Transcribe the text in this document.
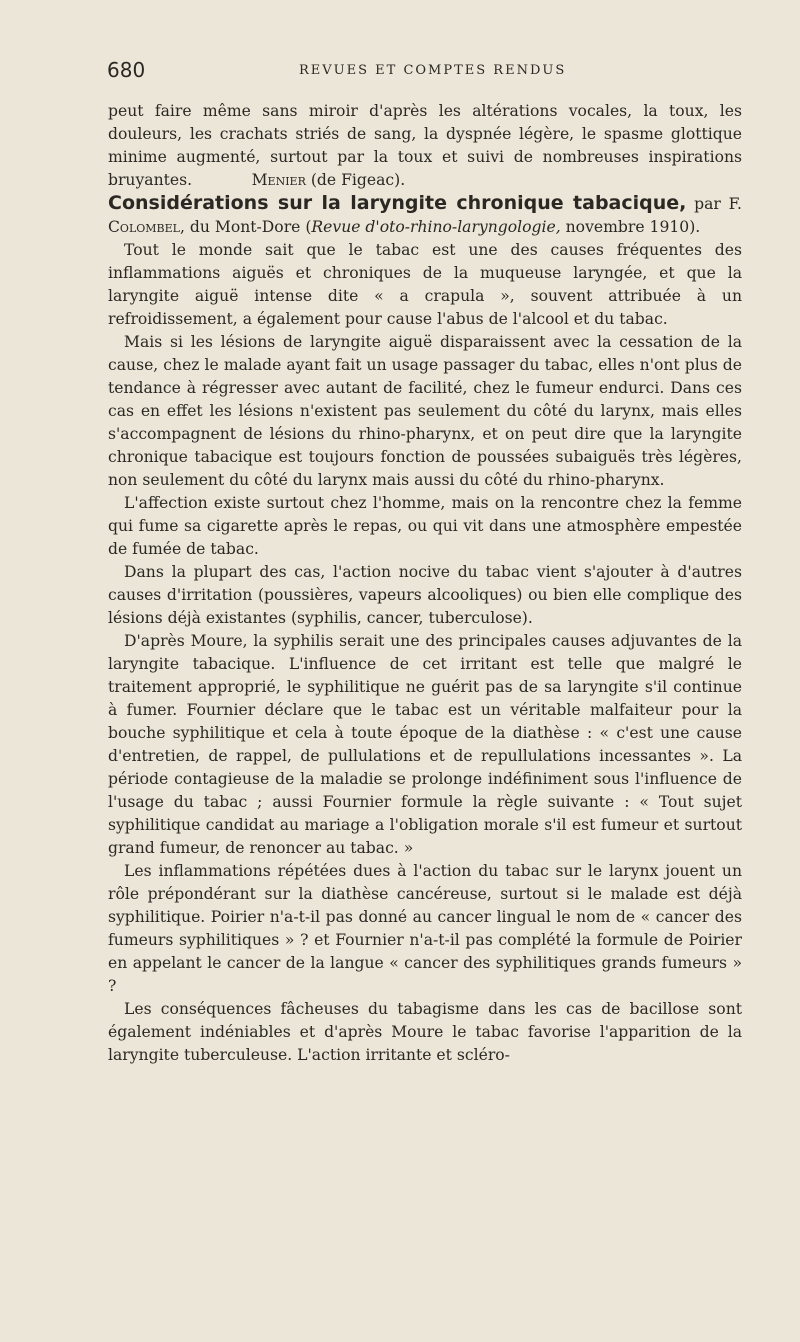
680	REVUES ET COMPTES RENDUS

peut faire même sans miroir d'après les altérations vocales, la toux, les douleurs, les crachats striés de sang, la dyspnée légère, le spasme glottique minime augmenté, surtout par la toux et suivi de nombreuses inspirations bruyantes.	Menier (de Figeac).

Considérations sur la laryngite chronique tabacique, par F. Colombel, du Mont-Dore (Revue d'oto-rhino-laryngologie, novembre 1910).

Tout le monde sait que le tabac est une des causes fréquentes des inflammations aiguës et chroniques de la muqueuse laryngée, et que la laryngite aiguë intense dite « a crapula », souvent attribuée à un refroidissement, a également pour cause l'abus de l'alcool et du tabac.

Mais si les lésions de laryngite aiguë disparaissent avec la cessation de la cause, chez le malade ayant fait un usage passager du tabac, elles n'ont plus de tendance à régresser avec autant de facilité, chez le fumeur endurci. Dans ces cas en effet les lésions n'existent pas seulement du côté du larynx, mais elles s'accompagnent de lésions du rhino-pharynx, et on peut dire que la laryngite chronique tabacique est toujours fonction de poussées subaiguës très légères, non seulement du côté du larynx mais aussi du côté du rhino-pharynx.

L'affection existe surtout chez l'homme, mais on la rencontre chez la femme qui fume sa cigarette après le repas, ou qui vit dans une atmosphère empestée de fumée de tabac.

Dans la plupart des cas, l'action nocive du tabac vient s'ajouter à d'autres causes d'irritation (poussières, vapeurs alcooliques) ou bien elle complique des lésions déjà existantes (syphilis, cancer, tuberculose).

D'après Moure, la syphilis serait une des principales causes adjuvantes de la laryngite tabacique. L'influence de cet irritant est telle que malgré le traitement approprié, le syphilitique ne guérit pas de sa laryngite s'il continue à fumer. Fournier déclare que le tabac est un véritable malfaiteur pour la bouche syphilitique et cela à toute époque de la diathèse : « c'est une cause d'entretien, de rappel, de pullulations et de repullulations incessantes ». La période contagieuse de la maladie se prolonge indéfiniment sous l'influence de l'usage du tabac ; aussi Fournier formule la règle suivante : « Tout sujet syphilitique candidat au mariage a l'obligation morale s'il est fumeur et surtout grand fumeur, de renoncer au tabac. »

Les inflammations répétées dues à l'action du tabac sur le larynx jouent un rôle prépondérant sur la diathèse cancéreuse, surtout si le malade est déjà syphilitique. Poirier n'a-t-il pas donné au cancer lingual le nom de « cancer des fumeurs syphilitiques » ? et Fournier n'a-t-il pas complété la formule de Poirier en appelant le cancer de la langue « cancer des syphilitiques grands fumeurs » ?

Les conséquences fâcheuses du tabagisme dans les cas de bacillose sont également indéniables et d'après Moure le tabac favorise l'apparition de la laryngite tuberculeuse. L'action irritante et scléro-
